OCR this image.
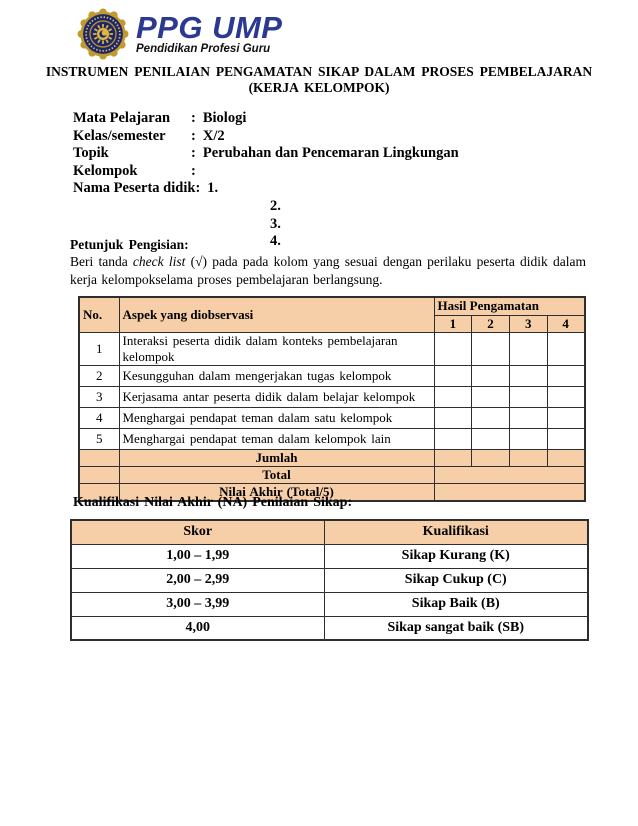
PPG UMP
Pendidikan Profesi Guru
INSTRUMEN PENILAIAN PENGAMATAN SIKAP DALAM PROSES PEMBELAJARAN
(KERJA KELOMPOK)
Mata Pelajaran	: Biologi
Kelas/semester	: X/2
Topik	: Perubahan dan Pencemaran Lingkungan
Kelompok	:
Nama Peserta didik : 1.
2.
3.
4.
Petunjuk Pengisian:
Beri tanda check list (√) pada pada kolom yang sesuai dengan perilaku peserta didik dalam kerja kelompokselama proses pembelajaran berlangsung.
No.	Aspek yang diobservasi	Hasil Pengamatan			
		1	2	3	4
1	Interaksi peserta didik dalam konteks pembelajaran kelompok				
2	Kesungguhan dalam mengerjakan tugas kelompok				
3	Kerjasama antar peserta didik dalam belajar kelompok				
4	Menghargai pendapat teman dalam satu kelompok				
5	Menghargai pendapat teman dalam kelompok lain				
	Jumlah				
	Total				
	Nilai Akhir (Total/5)				
Kualifikasi Nilai Akhir (NA) Penilaian Sikap:
Skor	Kualifikasi
1,00 – 1,99	Sikap Kurang (K)
2,00 – 2,99	Sikap Cukup (C)
3,00 – 3,99	Sikap Baik (B)
4,00	Sikap sangat baik (SB)
